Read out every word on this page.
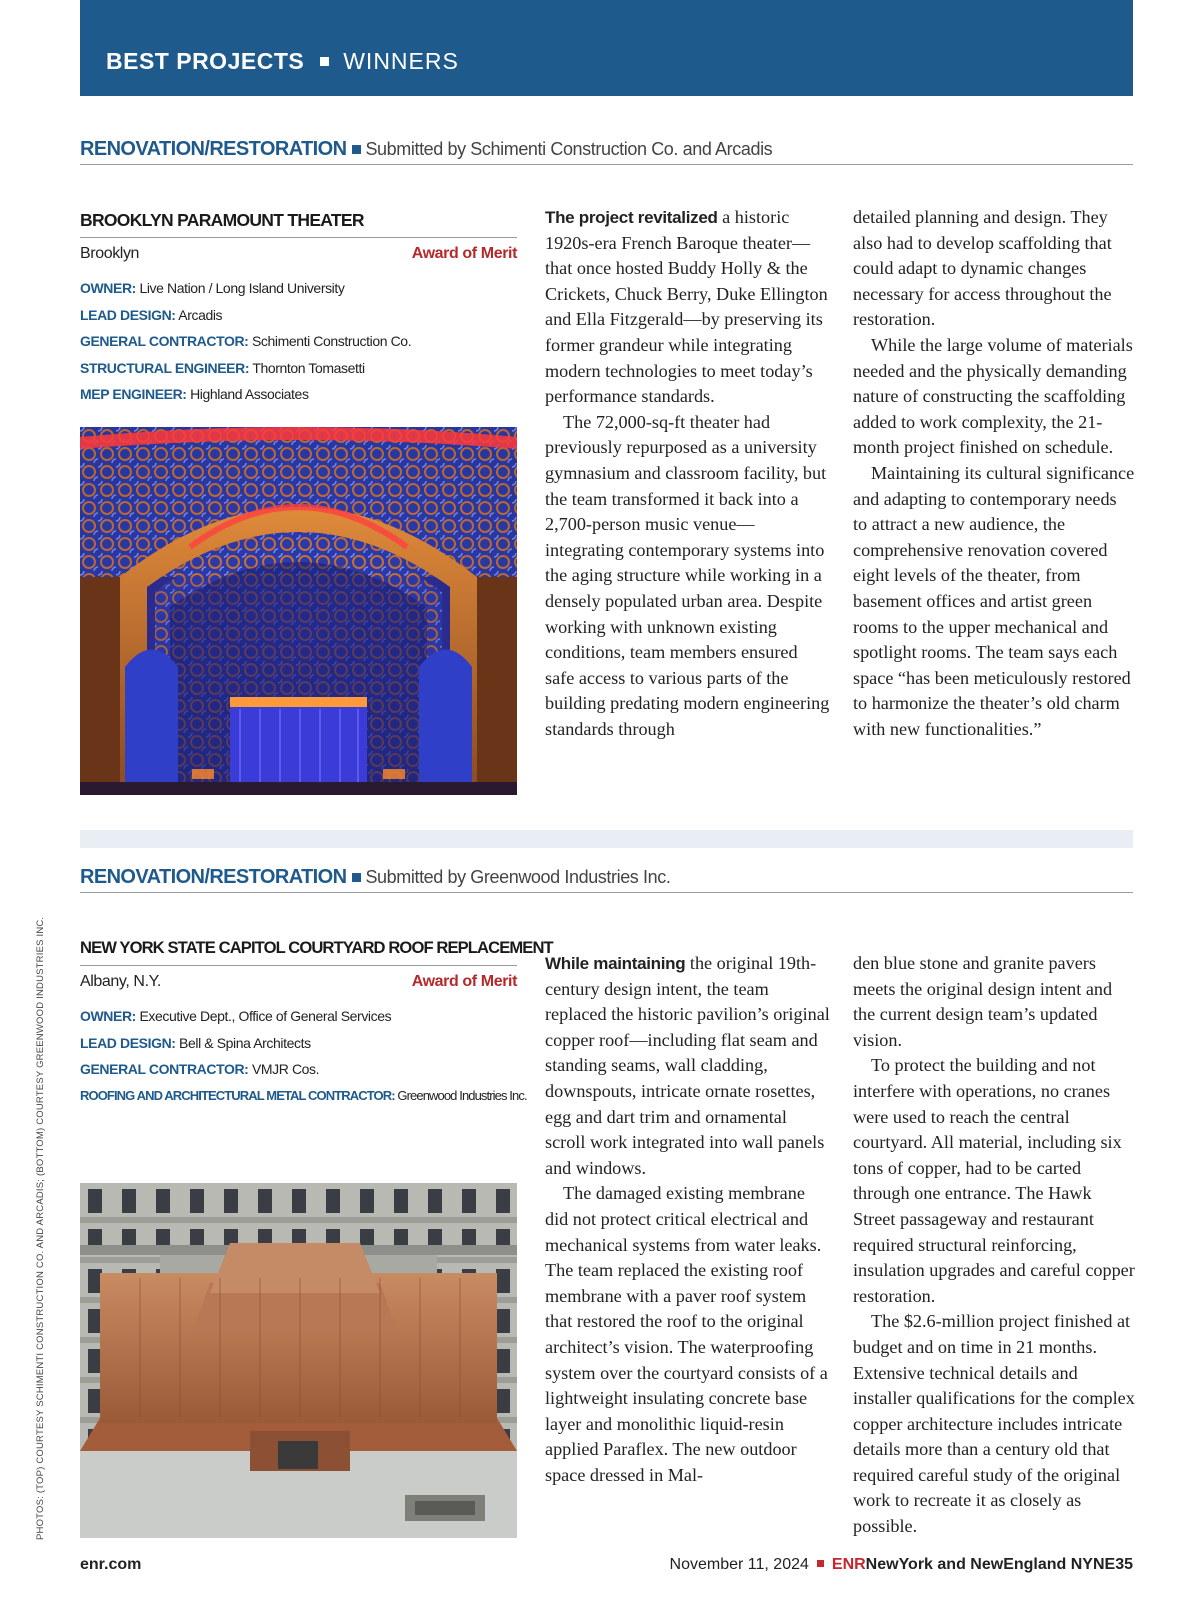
BEST PROJECTS WINNERS
RENOVATION/RESTORATION Submitted by Schimenti Construction Co. and Arcadis
BROOKLYN PARAMOUNT THEATER
Brooklyn	Award of Merit
OWNER: Live Nation / Long Island University
LEAD DESIGN: Arcadis
GENERAL CONTRACTOR: Schimenti Construction Co.
STRUCTURAL ENGINEER: Thornton Tomasetti
MEP ENGINEER: Highland Associates

The project revitalized a historic 1920s-era French Baroque theater—that once hosted Buddy Holly & the Crickets, Chuck Berry, Duke Ellington and Ella Fitzgerald—by preserving its former grandeur while integrating modern technologies to meet today’s performance standards.

The 72,000-sq-ft theater had previously repurposed as a university gymnasium and classroom facility, but the team transformed it back into a 2,700-person music venue—integrating contemporary systems into the aging structure while working in a densely populated urban area. Despite working with unknown existing conditions, team members ensured safe access to various parts of the building predating modern engineering standards through

detailed planning and design. They also had to develop scaffolding that could adapt to dynamic changes necessary for access throughout the restoration.

While the large volume of materials needed and the physically demanding nature of constructing the scaffolding added to work complexity, the 21-month project finished on schedule.

Maintaining its cultural significance and adapting to contemporary needs to attract a new audience, the comprehensive renovation covered eight levels of the theater, from basement offices and artist green rooms to the upper mechanical and spotlight rooms. The team says each space “has been meticulously restored to harmonize the theater’s old charm with new functionalities.”

RENOVATION/RESTORATION Submitted by Greenwood Industries Inc.
NEW YORK STATE CAPITOL COURTYARD ROOF REPLACEMENT
Albany, N.Y.	Award of Merit
OWNER: Executive Dept., Office of General Services
LEAD DESIGN: Bell & Spina Architects
GENERAL CONTRACTOR: VMJR Cos.
ROOFING AND ARCHITECTURAL METAL CONTRACTOR: Greenwood Industries Inc.

While maintaining the original 19th-century design intent, the team replaced the historic pavilion’s original copper roof—including flat seam and standing seams, wall cladding, downspouts, intricate ornate rosettes, egg and dart trim and ornamental scroll work integrated into wall panels and windows.

The damaged existing membrane did not protect critical electrical and mechanical systems from water leaks. The team replaced the existing roof membrane with a paver roof system that restored the roof to the original architect’s vision. The waterproofing system over the courtyard consists of a lightweight insulating concrete base layer and monolithic liquid-resin applied Paraflex. The new outdoor space dressed in Mal-

den blue stone and granite pavers meets the original design intent and the current design team’s updated vision.

To protect the building and not interfere with operations, no cranes were used to reach the central courtyard. All material, including six tons of copper, had to be carted through one entrance. The Hawk Street passageway and restaurant required structural reinforcing, insulation upgrades and careful copper restoration.

The $2.6-million project finished at budget and on time in 21 months. Extensive technical details and installer qualifications for the complex copper architecture includes intricate details more than a century old that required careful study of the original work to recreate it as closely as possible.

PHOTOS: (TOP) COURTESY SCHIMENTI CONSTRUCTION CO. AND ARCADIS; (BOTTOM) COURTESY GREENWOOD INDUSTRIES INC.
enr.com	November 11, 2024 ENRNewYork and NewEngland NYNE35
